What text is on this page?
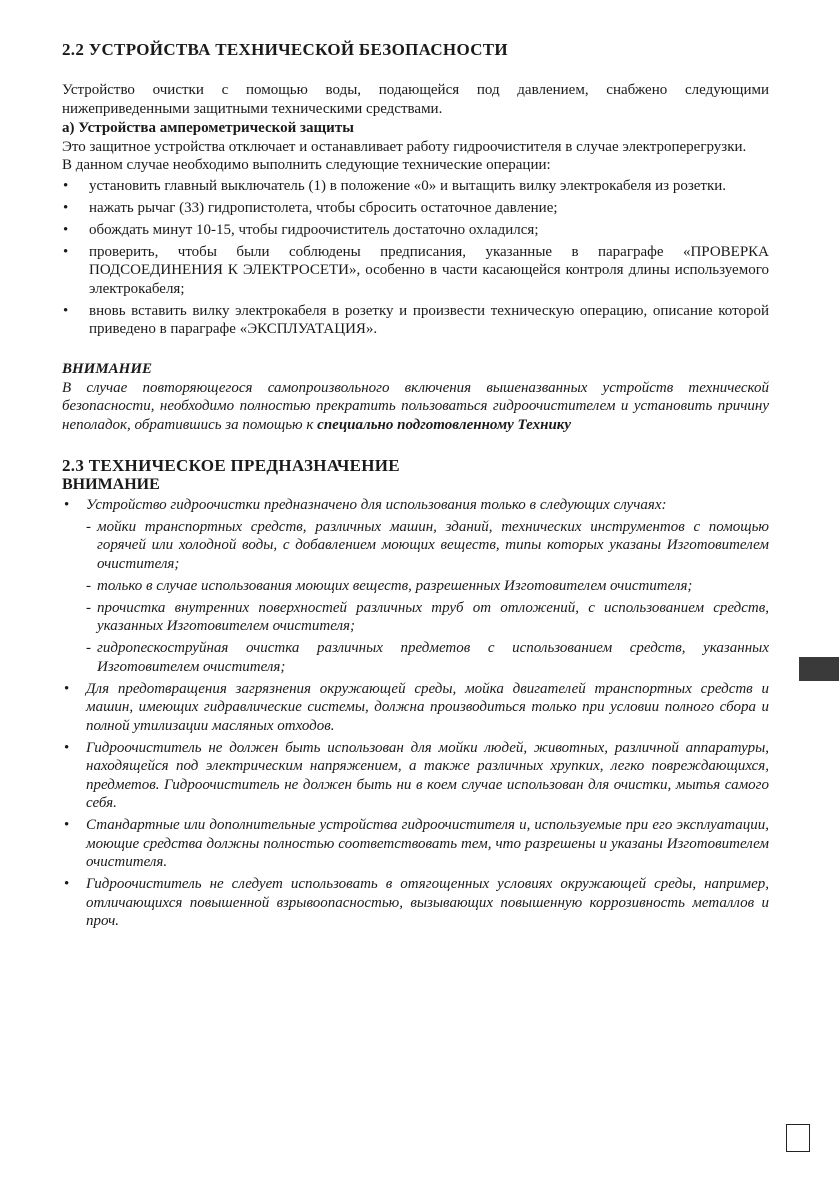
2.2 УСТРОЙСТВА ТЕХНИЧЕСКОЙ БЕЗОПАСНОСТИ

Устройство очистки с помощью воды, подающейся под давлением, снабжено следующими нижеприведенными защитными техническими средствами.

а) Устройства амперометрической защиты

Это защитное устройства отключает и останавливает работу гидроочистителя в случае электроперегрузки.

В данном случае необходимо выполнить следующие технические операции:

• установить главный выключатель (1) в положение «0» и вытащить вилку электрокабеля из розетки.
• нажать рычаг (33) гидропистолета, чтобы сбросить остаточное давление;
• обождать минут 10-15, чтобы гидроочиститель достаточно охладился;
• проверить, чтобы были соблюдены предписания, указанные в параграфе «ПРОВЕРКА ПОДСОЕДИНЕНИЯ К ЭЛЕКТРОСЕТИ», особенно в части касающейся контроля длины используемого электрокабеля;
• вновь вставить вилку электрокабеля в розетку и произвести техническую операцию, описание которой приведено в параграфе «ЭКСПЛУАТАЦИЯ».

ВНИМАНИЕ

В случае повторяющегося самопроизвольного включения вышеназванных устройств технической безопасности, необходимо полностью прекратить пользоваться гидроочистителем и установить причину неполадок, обратившись за помощью к специально подготовленному Технику

2.3 ТЕХНИЧЕСКОЕ ПРЕДНАЗНАЧЕНИЕ

ВНИМАНИЕ

• Устройство гидроочистки предназначено для использования только в следующих случаях:
- мойки транспортных средств, различных машин, зданий, технических инструментов с помощью горячей или холодной воды, с добавлением моющих веществ, типы которых указаны Изготовителем очистителя;
- только в случае использования моющих веществ, разрешенных Изготовителем очистителя;
- прочистка внутренних поверхностей различных труб от отложений, с использованием средств, указанных Изготовителем очистителя;
- гидропескоструйная очистка различных предметов с использованием средств, указанных Изготовителем очистителя;
• Для предотвращения загрязнения окружающей среды, мойка двигателей транспортных средств и машин, имеющих гидравлические системы, должна производиться только при условии полного сбора и полной утилизации масляных отходов.
• Гидроочиститель не должен быть использован для мойки людей, животных, различной аппаратуры, находящейся под электрическим напряжением, а также различных хрупких, легко повреждающихся, предметов. Гидроочиститель не должен быть ни в коем случае использован для очистки, мытья самого себя.
• Стандартные или дополнительные устройства гидроочистителя и, используемые при его эксплуатации, моющие средства должны полностью соответствовать тем, что разрешены и указаны Изготовителем очистителя.
• Гидроочиститель не следует использовать в отягощенных условиях окружающей среды, например, отличающихся повышенной взрывоопасностью, вызывающих повышенную коррозивность металлов и проч.
